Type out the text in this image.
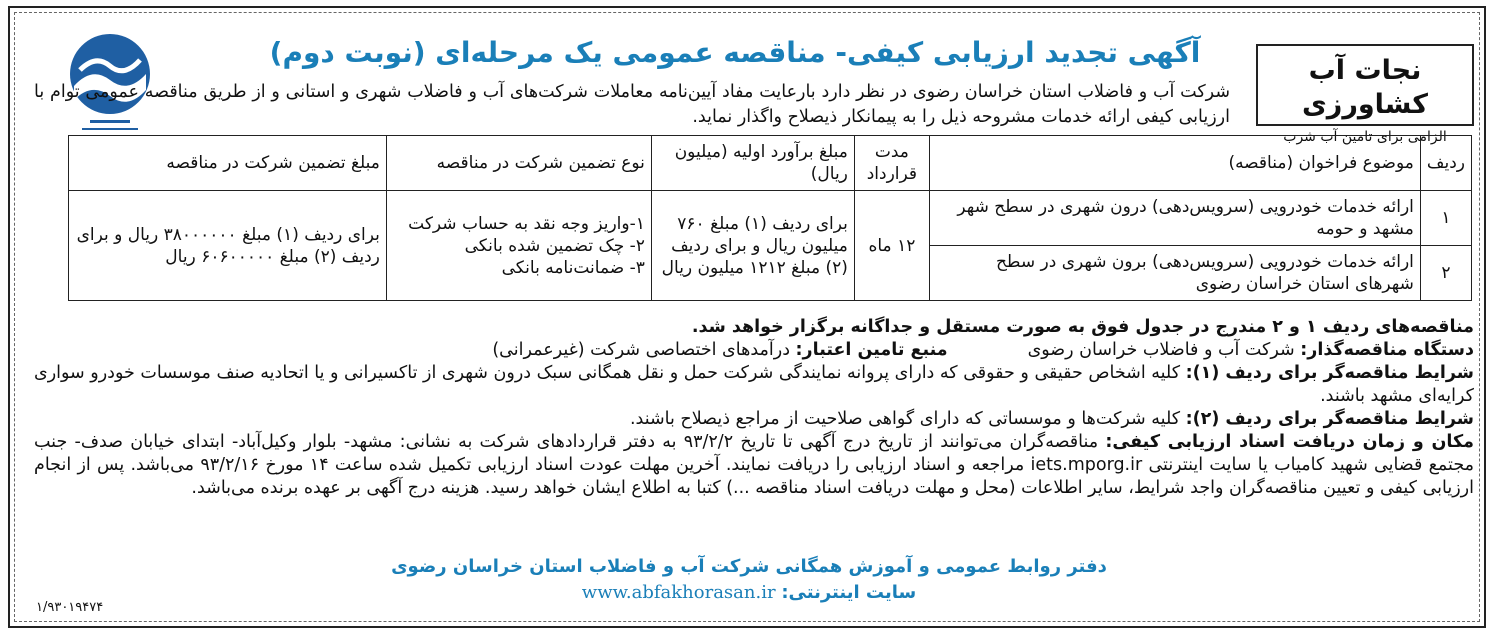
نجات آب کشاورزی
الزامی برای تامین آب شرب
آگهی تجدید ارزیابی کیفی- مناقصه عمومی یک مرحله‌ای (نوبت دوم)
شرکت آب و فاضلاب استان خراسان رضوی در نظر دارد بارعایت مفاد آیین‌نامه معاملات شرکت‌های آب و فاضلاب شهری و استانی و از طریق مناقصه عمومی توام با ارزیابی کیفی ارائه خدمات مشروحه ذیل را به پیمانکار ذیصلاح واگذار نماید.
ردیف	موضوع فراخوان (مناقصه)	مدت قرارداد	مبلغ برآورد اولیه (میلیون ریال)	نوع تضمین شرکت در مناقصه	مبلغ تضمین شرکت در مناقصه
۱	ارائه خدمات خودرویی (سرویس‌دهی) درون شهری در سطح شهر مشهد و حومه	۱۲ ماه	برای ردیف (۱) مبلغ ۷۶۰ میلیون ریال و برای ردیف (۲) مبلغ ۱۲۱۲ میلیون ریال	۱-واریز وجه نقد به حساب شرکت
۲- چک تضمین شده بانکی
۳- ضمانت‌نامه بانکی	برای ردیف (۱) مبلغ ۳۸۰۰۰۰۰۰ ریال و برای ردیف (۲) مبلغ ۶۰۶۰۰۰۰۰ ریال
۲	ارائه خدمات خودرویی (سرویس‌دهی) برون شهری در سطح شهرهای استان خراسان رضوی				

مناقصه‌های ردیف ۱ و ۲ مندرج در جدول فوق به صورت مستقل و جداگانه برگزار خواهد شد.

دستگاه مناقصه‌گذار: شرکت آب و فاضلاب خراسان رضویمنبع تامین اعتبار: درآمدهای اختصاصی شرکت (غیرعمرانی)

شرایط مناقصه‌گر برای ردیف (۱): کلیه اشخاص حقیقی و حقوقی که دارای پروانه نمایندگی شرکت حمل و نقل همگانی سبک درون شهری از تاکسیرانی و یا اتحادیه صنف موسسات خودرو سواری کرایه‌ای مشهد باشند.

شرایط مناقصه‌گر برای ردیف (۲): کلیه شرکت‌ها و موسساتی که دارای گواهی صلاحیت از مراجع ذیصلاح باشند.

مکان و زمان دریافت اسناد ارزیابی کیفی: مناقصه‌گران می‌توانند از تاریخ درج آگهی تا تاریخ ۹۳/۲/۲ به دفتر قراردادهای شرکت به نشانی: مشهد- بلوار وکیل‌آباد- ابتدای خیابان صدف- جنب مجتمع قضایی شهید کامیاب یا سایت اینترنتی iets.mporg.ir مراجعه و اسناد ارزیابی را دریافت نمایند. آخرین مهلت عودت اسناد ارزیابی تکمیل شده ساعت ۱۴ مورخ ۹۳/۲/۱۶ می‌باشد. پس از انجام ارزیابی کیفی و تعیین مناقصه‌گران واجد شرایط، سایر اطلاعات (محل و مهلت دریافت اسناد مناقصه ...) کتبا به اطلاع ایشان خواهد رسید. هزینه درج آگهی بر عهده برنده می‌باشد.

دفتر روابط عمومی و آموزش همگانی شرکت آب و فاضلاب استان خراسان رضوی
سایت اینترنتی: www.abfakhorasan.ir
۱/۹۳۰۱۹۴۷۴
